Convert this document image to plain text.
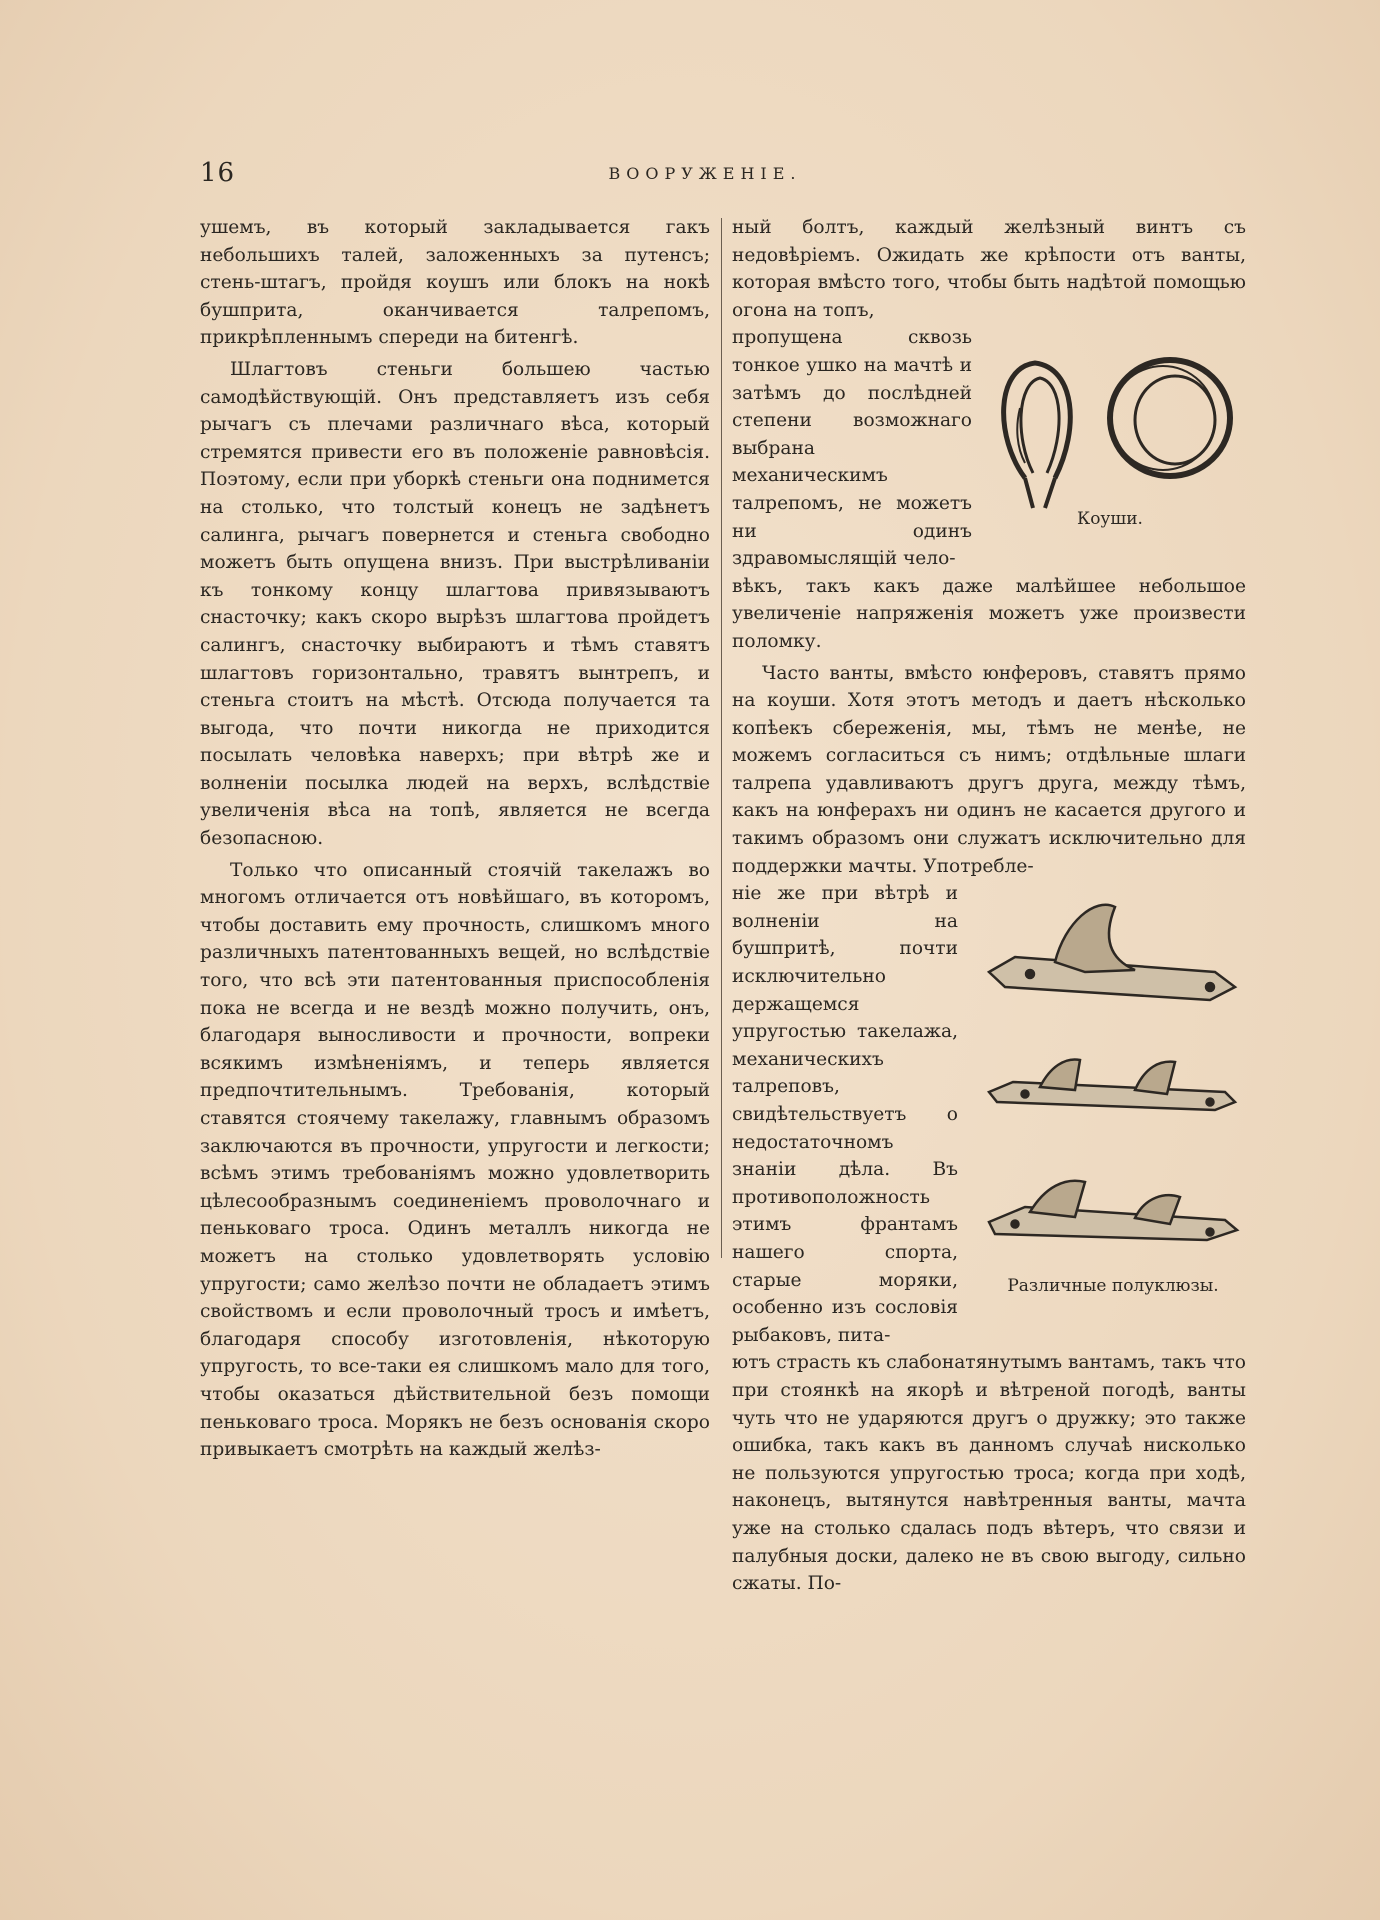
16	ВООРУЖЕНІЕ.

ушемъ, въ который закладывается гакъ небольшихъ талей, заложенныхъ за путенсъ; стень-штагъ, пройдя коушъ или блокъ на нокѣ бушприта, оканчивается талрепомъ, прикрѣпленнымъ спереди на битенгѣ.

Шлагтовъ стеньги большею частью самодѣйствующій. Онъ представляетъ изъ себя рычагъ съ плечами различнаго вѣса, который стремятся привести его въ положеніе равновѣсія. Поэтому, если при уборкѣ стеньги она поднимется на столько, что толстый конецъ не задѣнетъ салинга, рычагъ повернется и стеньга свободно можетъ быть опущена внизъ. При выстрѣливаніи къ тонкому концу шлагтова привязываютъ снасточку; какъ скоро вырѣзъ шлагтова пройдетъ салингъ, снасточку выбираютъ и тѣмъ ставятъ шлагтовъ горизонтально, травятъ вынтрепъ, и стеньга стоитъ на мѣстѣ. Отсюда получается та выгода, что почти никогда не приходится посылать человѣка наверхъ; при вѣтрѣ же и волненіи посылка людей на верхъ, вслѣдствіе увеличенія вѣса на топѣ, является не всегда безопасною.

Только что описанный стоячій такелажъ во многомъ отличается отъ новѣйшаго, въ которомъ, чтобы доставить ему прочность, слишкомъ много различныхъ патентованныхъ вещей, но вслѣдствіе того, что всѣ эти патентованныя приспособленія пока не всегда и не вездѣ можно получить, онъ, благодаря выносливости и прочности, вопреки всякимъ измѣненіямъ, и теперь является предпочтительнымъ. Требованія, который ставятся стоячему такелажу, главнымъ образомъ заключаются въ прочности, упругости и легкости; всѣмъ этимъ требованіямъ можно удовлетворить цѣлесообразнымъ соединеніемъ проволочнаго и пеньковаго троса. Одинъ металлъ никогда не можетъ на столько удовлетворять условію упругости; само желѣзо почти не обладаетъ этимъ свойствомъ и если проволочный тросъ и имѣетъ, благодаря способу изготовленія, нѣкоторую упругость, то все-таки ея слишкомъ мало для того, чтобы оказаться дѣйствительной безъ помощи пеньковаго троса. Морякъ не безъ основанія скоро привыкаетъ смотрѣть на каждый желѣз-

ный болтъ, каждый желѣзный винтъ съ недовѣріемъ. Ожидать же крѣпости отъ ванты, которая вмѣсто того, чтобы быть надѣтой помощью огона на топъ,

пропущена сквозь тонкое ушко на мачтѣ и затѣмъ до послѣдней степени возможнаго выбрана механическимъ талрепомъ, не можетъ ни одинъ здравомыслящій чело-

вѣкъ, такъ какъ даже малѣйшее небольшое увеличеніе напряженія можетъ уже произвести поломку.

Часто ванты, вмѣсто юнферовъ, ставятъ прямо на коуши. Хотя этотъ методъ и даетъ нѣсколько копѣекъ сбереженія, мы, тѣмъ не менѣе, не можемъ согласиться съ нимъ; отдѣльные шлаги талрепа удавливаютъ другъ друга, между тѣмъ, какъ на юнферахъ ни одинъ не касается другого и такимъ образомъ они служатъ исключительно для поддержки мачты. Употребле-

ніе же при вѣтрѣ и волненіи на бушпритѣ, почти исключительно держащемся упругостью такелажа, механическихъ талреповъ, свидѣтельствуетъ о недостаточномъ знаніи дѣла. Въ противоположность этимъ франтамъ нашего спорта, старые моряки, особенно изъ сословія рыбаковъ, пита-

ютъ страсть къ слабонатянутымъ вантамъ, такъ что при стоянкѣ на якорѣ и вѣтреной погодѣ, ванты чуть что не ударяются другъ о дружку; это также ошибка, такъ какъ въ данномъ случаѣ нисколько не пользуются упругостью троса; когда при ходѣ, наконецъ, вытянутся навѣтренныя ванты, мачта уже на столько сдалась подъ вѣтеръ, что связи и палубныя доски, далеко не въ свою выгоду, сильно сжаты. По-

Коуши.
Различные полуклюзы.
